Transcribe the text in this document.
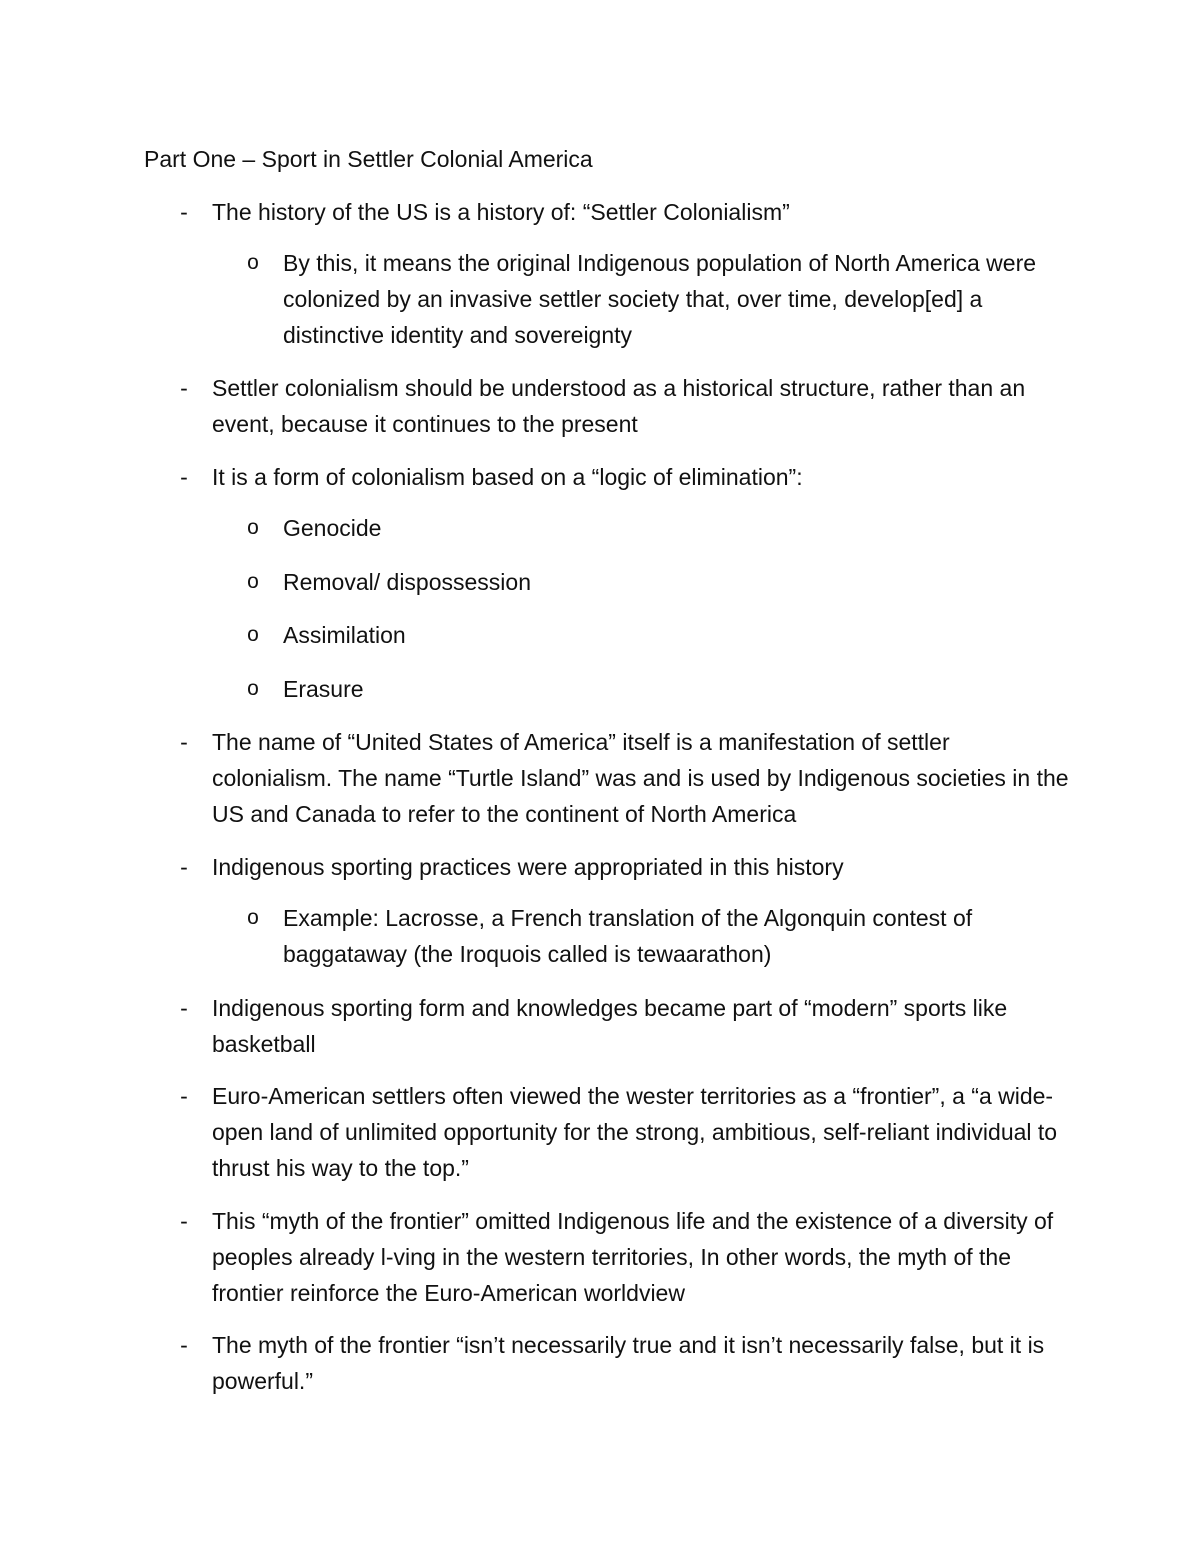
Part One – Sport in Settler Colonial America
-	The history of the US is a history of: “Settler Colonialism”
o By this, it means the original Indigenous population of North America were colonized by an invasive settler society that, over time, develop[ed] a distinctive identity and sovereignty
-	Settler colonialism should be understood as a historical structure, rather than an event, because it continues to the present
-	It is a form of colonialism based on a “logic of elimination”:
o Genocide
o Removal/ dispossession
o Assimilation
o Erasure
-	The name of “United States of America” itself is a manifestation of settler colonialism. The name “Turtle Island” was and is used by Indigenous societies in the US and Canada to refer to the continent of North America
-	Indigenous sporting practices were appropriated in this history
o Example: Lacrosse, a French translation of the Algonquin contest of baggataway (the Iroquois called is tewaarathon)
-	Indigenous sporting form and knowledges became part of “modern” sports like basketball
-	Euro-American settlers often viewed the wester territories as a “frontier”, a “a wide-open land of unlimited opportunity for the strong, ambitious, self-reliant individual to thrust his way to the top.”
-	This “myth of the frontier” omitted Indigenous life and the existence of a diversity of peoples already l-ving in the western territories, In other words, the myth of the frontier reinforce the Euro-American worldview
-	The myth of the frontier “isn’t necessarily true and it isn’t necessarily false, but it is powerful.”
